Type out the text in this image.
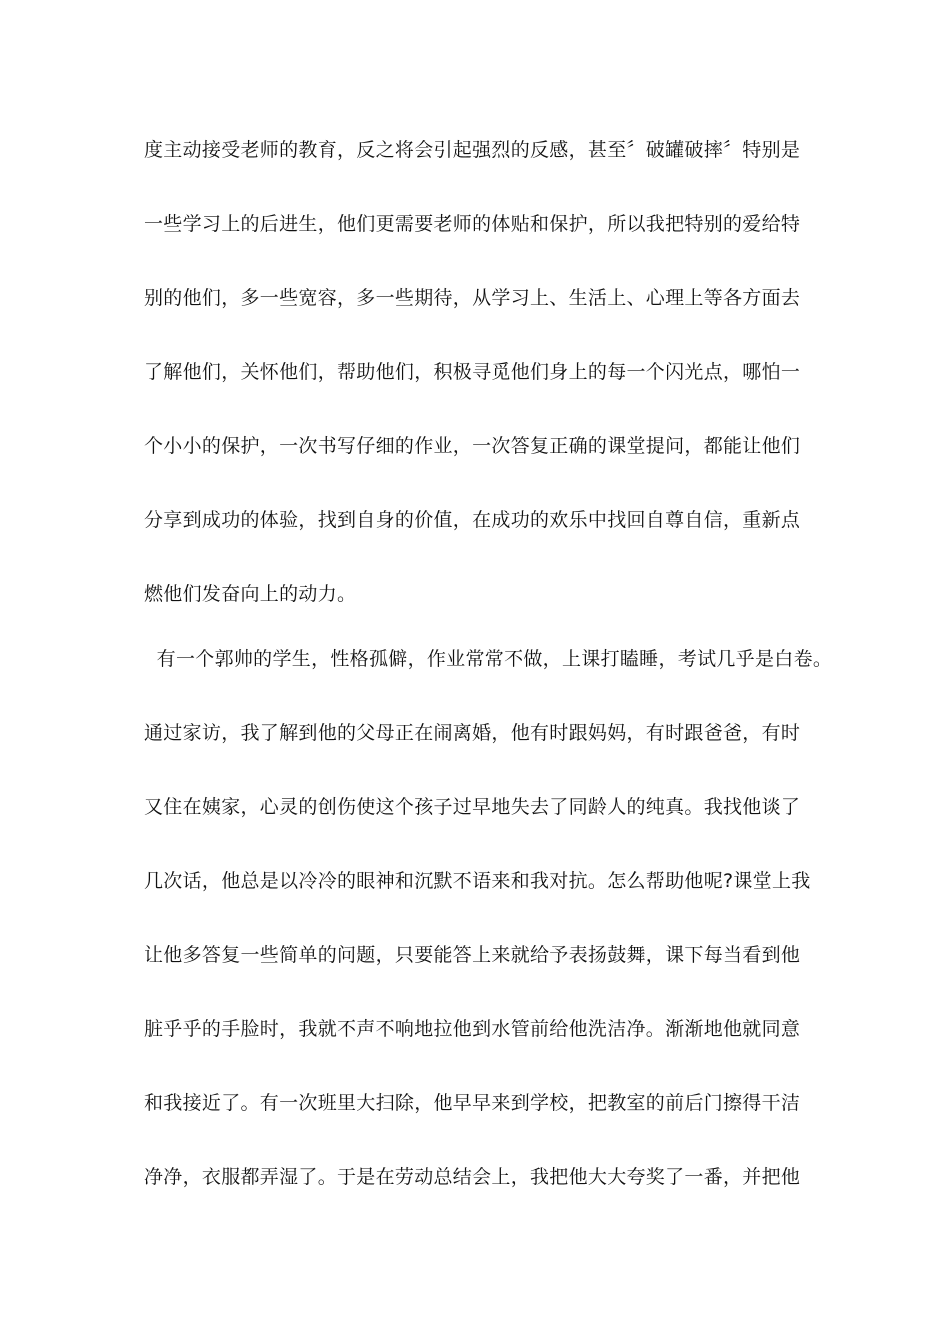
度主动接受老师的教育，反之将会引起强烈的反感，甚至〞破罐破摔〞特别是
一些学习上的后进生，他们更需要老师的体贴和保护，所以我把特别的爱给特
别的他们，多一些宽容，多一些期待，从学习上、生活上、心理上等各方面去
了解他们，关怀他们，帮助他们，积极寻觅他们身上的每一个闪光点，哪怕一
个小小的保护，一次书写仔细的作业，一次答复正确的课堂提问，都能让他们
分享到成功的体验，找到自身的价值，在成功的欢乐中找回自尊自信，重新点
燃他们发奋向上的动力。
有一个郭帅的学生，性格孤僻，作业常常不做，上课打瞌睡，考试几乎是白卷。
通过家访，我了解到他的父母正在闹离婚，他有时跟妈妈，有时跟爸爸，有时
又住在姨家，心灵的创伤使这个孩子过早地失去了同龄人的纯真。我找他谈了
几次话，他总是以冷冷的眼神和沉默不语来和我对抗。怎么帮助他呢?课堂上我
让他多答复一些简单的问题，只要能答上来就给予表扬鼓舞，课下每当看到他
脏乎乎的手脸时，我就不声不响地拉他到水管前给他洗洁净。渐渐地他就同意
和我接近了。有一次班里大扫除，他早早来到学校，把教室的前后门擦得干洁
净净，衣服都弄湿了。于是在劳动总结会上，我把他大大夸奖了一番，并把他
